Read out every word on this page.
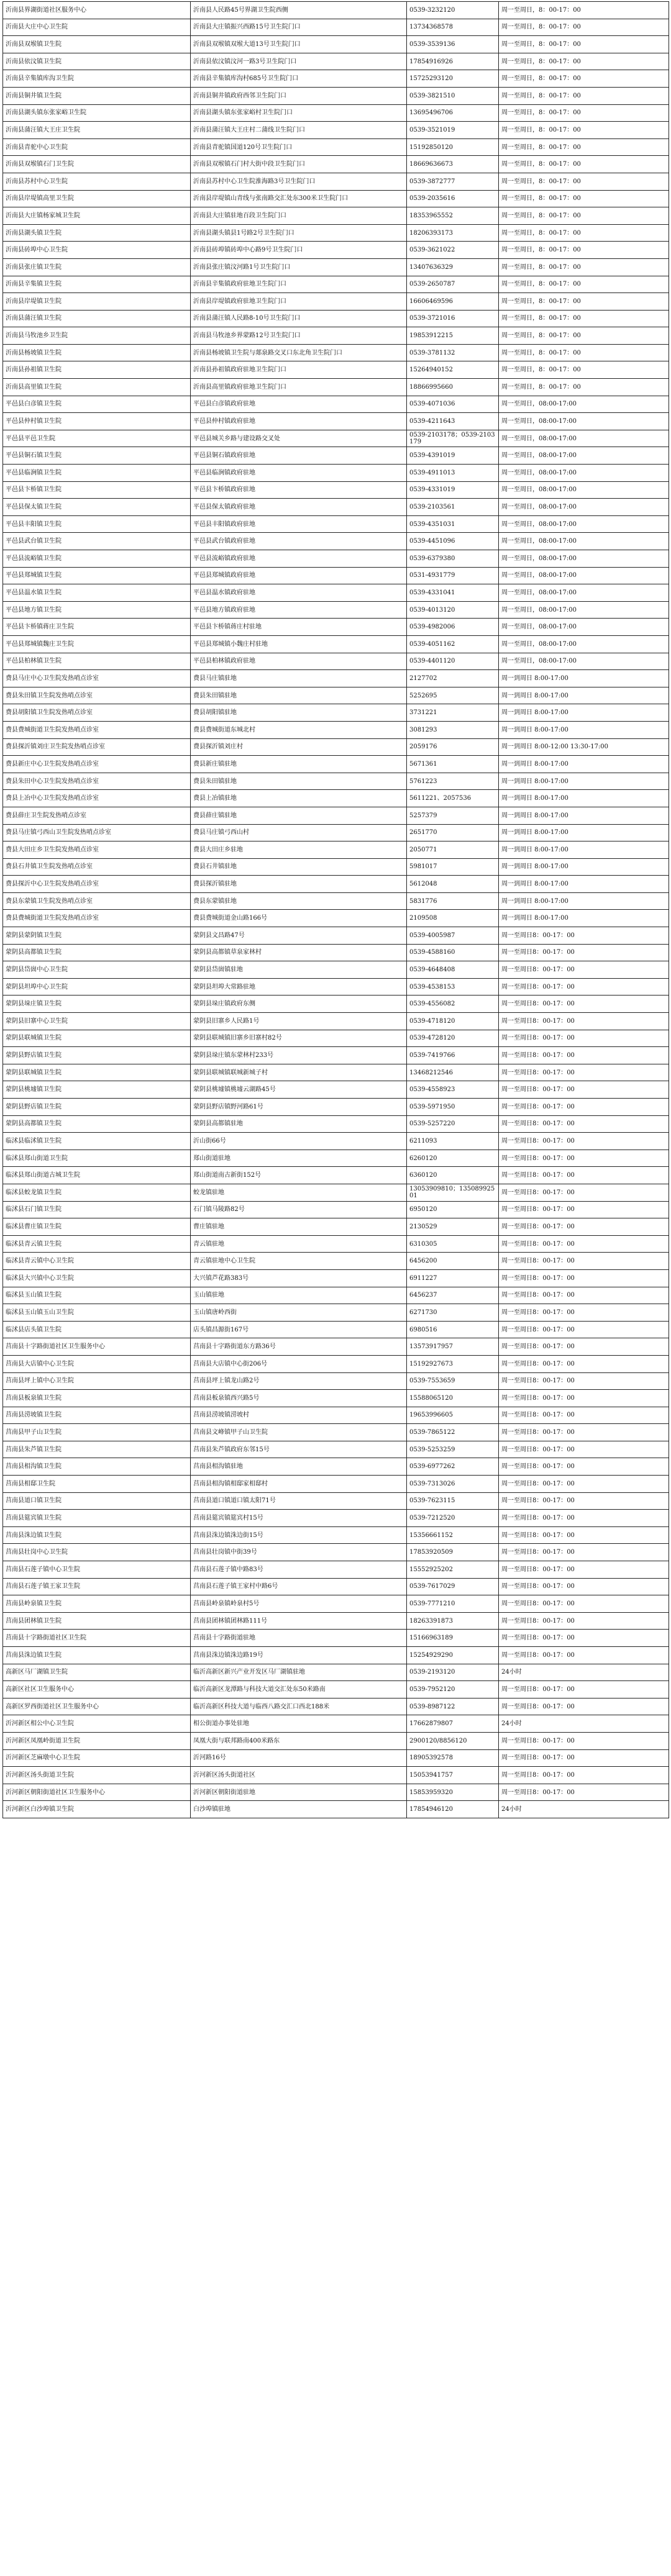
沂南县界湖街道社区服务中心	沂南县人民路45号界湖卫生院西侧	0539-3232120	周一至周日，8：00-17：00
沂南县大庄中心卫生院	沂南县大庄镇振兴西路15号卫生院门口	13734368578	周一至周日，8：00-17：00
沂南县双堠镇卫生院	沂南县双堠镇双堠大道13号卫生院门口	0539-3539136	周一至周日，8：00-17：00
沂南县依汶镇卫生院	沂南县依汶镇汶河一路3号卫生院门口	17854916926	周一至周日，8：00-17：00
沂南县辛集镇库沟卫生院	沂南县辛集镇库沟村685号卫生院门口	15725293120	周一至周日，8：00-17：00
沂南县铜井镇卫生院	沂南县铜井镇政府西邻卫生院门口	0539-3821510	周一至周日，8：00-17：00
沂南县湖头镇东张家峪卫生院	沂南县湖头镇东张家峪村卫生院门口	13695496706	周一至周日，8：00-17：00
沂南县蒲汪镇大王庄卫生院	沂南县蒲汪镇大王庄村二蒲线卫生院门口	0539-3521019	周一至周日，8：00-17：00
沂南县青驼中心卫生院	沂南县青驼镇国道120号卫生院门口	15192850120	周一至周日，8：00-17：00
沂南县双堠镇石门卫生院	沂南县双堠镇石门村大街中段卫生院门口	18669636673	周一至周日，8：00-17：00
沂南县苏村中心卫生院	沂南县苏村中心卫生院淮海路3号卫生院门口	0539-3872777	周一至周日，8：00-17：00
沂南县岸堤镇高里卫生院	沂南县岸堤镇山青线与张南路交汇处东300米卫生院门口	0539-2035616	周一至周日，8：00-17：00
沂南县大庄镇杨家城卫生院	沂南县大庄镇驻地百段卫生院门口	18353965552	周一至周日，8：00-17：00
沂南县湖头镇卫生院	沂南县湖头镇县1号路2号卫生院门口	18206393173	周一至周日，8：00-17：00
沂南县砖埠中心卫生院	沂南县砖埠镇砖埠中心路9号卫生院门口	0539-3621022	周一至周日，8：00-17：00
沂南县张庄镇卫生院	沂南县张庄镇汶河路1号卫生院门口	13407636329	周一至周日，8：00-17：00
沂南县辛集镇卫生院	沂南县辛集镇政府驻地卫生院门口	0539-2650787	周一至周日，8：00-17：00
沂南县岸堤镇卫生院	沂南县岸堤镇政府驻地卫生院门口	16606469596	周一至周日，8：00-17：00
沂南县蒲汪镇卫生院	沂南县蒲汪镇人民路8-10号卫生院门口	0539-3721016	周一至周日，8：00-17：00
沂南县马牧池乡卫生院	沂南县马牧池乡界蒙路12号卫生院门口	19853912215	周一至周日，8：00-17：00
沂南县杨坡镇卫生院	沂南县杨坡镇卫生院与郯泉路交叉口东北角卫生院门口	0539-3781132	周一至周日，8：00-17：00
沂南县孙祖镇卫生院	沂南县孙祖镇政府驻地卫生院门口	15264940152	周一至周日，8：00-17：00
沂南县高里镇卫生院	沂南县高里镇政府驻地卫生院门口	18866995660	周一至周日，8：00-17：00
平邑县白彦镇卫生院	平邑县白彦镇政府驻地	0539-4071036	周一至周日，08:00-17:00
平邑县仲村镇卫生院	平邑县仲村镇政府驻地	0539-4211643	周一至周日，08:00-17:00
平邑县平邑卫生院	平邑县城关乡路与建设路交叉处	0539-2103178；0539-2103179	周一至周日，08:00-17:00
平邑县铜石镇卫生院	平邑县铜石镇政府驻地	0539-4391019	周一至周日，08:00-17:00
平邑县临涧镇卫生院	平邑县临涧镇政府驻地	0539-4911013	周一至周日，08:00-17:00
平邑县卞桥镇卫生院	平邑县卞桥镇政府驻地	0539-4331019	周一至周日，08:00-17:00
平邑县保太镇卫生院	平邑县保太镇政府驻地	0539-2103561	周一至周日，08:00-17:00
平邑县丰阳镇卫生院	平邑县丰阳镇政府驻地	0539-4351031	周一至周日，08:00-17:00
平邑县武台镇卫生院	平邑县武台镇政府驻地	0539-4451096	周一至周日，08:00-17:00
平邑县流峪镇卫生院	平邑县流峪镇政府驻地	0539-6379380	周一至周日，08:00-17:00
平邑县郑城镇卫生院	平邑县郑城镇政府驻地	0531-4931779	周一至周日，08:00-17:00
平邑县温水镇卫生院	平邑县温水镇政府驻地	0539-4331041	周一至周日，08:00-17:00
平邑县地方镇卫生院	平邑县地方镇政府驻地	0539-4013120	周一至周日，08:00-17:00
平邑县卞桥镇蒋庄卫生院	平邑县卞桥镇蒋庄村驻地	0539-4982006	周一至周日，08:00-17:00
平邑县郑城镇魏庄卫生院	平邑县郑城镇小魏庄村驻地	0539-4051162	周一至周日，08:00-17:00
平邑县柏林镇卫生院	平邑县柏林镇政府驻地	0539-4401120	周一至周日，08:00-17:00
费县马庄中心卫生院发热哨点诊室	费县马庄镇驻地	2127702	周一到周日 8:00-17:00
费县朱田镇卫生院发热哨点诊室	费县朱田镇驻地	5252695	周一到周日 8:00-17:00
费县胡阳镇卫生院发热哨点诊室	费县胡阳镇驻地	3731221	周一到周日 8:00-17:00
费县费城街道卫生院发热哨点诊室	费县费城街道东城北村	3081293	周一到周日 8:00-17:00
费县探沂镇刘庄卫生院发热哨点诊室	费县探沂镇刘庄村	2059176	周一到周日 8:00-12:00 13:30-17:00
费县新庄中心卫生院发热哨点诊室	费县新庄镇驻地	5671361	周一到周日 8:00-17:00
费县朱田中心卫生院发热哨点诊室	费县朱田镇驻地	5761223	周一到周日 8:00-17:00
费县上冶中心卫生院发热哨点诊室	费县上冶镇驻地	5611221、2057536	周一到周日 8:00-17:00
费县薛庄卫生院发热哨点诊室	费县薛庄镇驻地	5257379	周一到周日 8:00-17:00
费县马庄镇弓西山卫生院发热哨点诊室	费县马庄镇弓西山村	2651770	周一到周日 8:00-17:00
费县大田庄乡卫生院发热哨点诊室	费县大田庄乡驻地	2050771	周一到周日 8:00-17:00
费县石井镇卫生院发热哨点诊室	费县石井镇驻地	5981017	周一到周日 8:00-17:00
费县探沂中心卫生院发热哨点诊室	费县探沂镇驻地	5612048	周一到周日 8:00-17:00
费县东蒙镇卫生院发热哨点诊室	费县东蒙镇驻地	5831776	周一到周日 8:00-17:00
费县费城街道卫生院发热哨点诊室	费县费城街道金山路166号	2109508	周一到周日 8:00-17:00
蒙阴县蒙阴镇卫生院	蒙阴县文昌路47号	0539-4005987	周一至周日8：00-17：00
蒙阴县高都镇卫生院	蒙阴县高都镇草泉家林村	0539-4588160	周一至周日8：00-17：00
蒙阴县岱崮中心卫生院	蒙阴县岱崮镇驻地	0539-4648408	周一至周日8：00-17：00
蒙阴县坦埠中心卫生院	蒙阴县坦埠大常路驻地	0539-4538153	周一至周日8：00-17：00
蒙阴县垛庄镇卫生院	蒙阴县垛庄镇政府东侧	0539-4556082	周一至周日8：00-17：00
蒙阴县旧寨中心卫生院	蒙阴县旧寨乡人民路1号	0539-4718120	周一至周日8：00-17：00
蒙阴县联城镇卫生院	蒙阴县联城镇旧寨乡旧寨村82号	0539-4728120	周一至周日8：00-17：00
蒙阴县野店镇卫生院	蒙阴县垛庄镇东蒙林村233号	0539-7419766	周一至周日8：00-17：00
蒙阴县联城镇卫生院	蒙阴县联城镇联城新城子村	13468212546	周一至周日8：00-17：00
蒙阴县桃墟镇卫生院	蒙阴县桃墟镇桃墟云湖路45号	0539-4558923	周一至周日8：00-17：00
蒙阴县野店镇卫生院	蒙阴县野店镇野河路61号	0539-5971950	周一至周日8：00-17：00
蒙阴县高都镇卫生院	蒙阴县高都镇驻地	0539-5257220	周一至周日8：00-17：00
临沭县临沭镇卫生院	沂山街66号	6211093	周一至周日8：00-17：00
临沭县郑山街道卫生院	郑山街道驻地	6260120	周一至周日8：00-17：00
临沭县郑山街道古城卫生院	郑山街道南古新街152号	6360120	周一至周日8：00-17：00
临沭县蛟龙镇卫生院	蛟龙镇驻地	13053909810；13508992501	周一至周日8：00-17：00
临沭县石门镇卫生院	石门镇马陵路82号	6950120	周一至周日8：00-17：00
临沭县曹庄镇卫生院	曹庄镇驻地	2130529	周一至周日8：00-17：00
临沭县青云镇卫生院	青云镇驻地	6310305	周一至周日8：00-17：00
临沭县青云镇中心卫生院	青云镇驻地中心卫生院	6456200	周一至周日8：00-17：00
临沭县大兴镇中心卫生院	大兴镇芦花路383号	6911227	周一至周日8：00-17：00
临沭县玉山镇卫生院	玉山镇驻地	6456237	周一至周日8：00-17：00
临沭县玉山镇玉山卫生院	玉山镇唐岭西街	6271730	周一至周日8：00-17：00
临沭县店头镇卫生院	店头镇昌源街167号	6980516	周一至周日8：00-17：00
莒南县十字路街道社区卫生服务中心	莒南县十字路街道东方路36号	13573917957	周一至周日8：00-17：00
莒南县大店镇中心卫生院	莒南县大店镇中心街206号	15192927673	周一至周日8：00-17：00
莒南县坪上镇中心卫生院	莒南县坪上镇龙山路2号	0539-7553659	周一至周日8：00-17：00
莒南县板泉镇卫生院	莒南县板泉镇西兴路5号	15588065120	周一至周日8：00-17：00
莒南县涝坡镇卫生院	莒南县涝坡镇涝坡村	19653996605	周一至周日8：00-17：00
莒南县甲子山卫生院	莒南县文峰镇甲子山卫生院	0539-7865122	周一至周日8：00-17：00
莒南县朱芦镇卫生院	莒南县朱芦镇政府东邻15号	0539-5253259	周一至周日8：00-17：00
莒南县相沟镇卫生院	莒南县相沟镇驻地	0539-6977262	周一至周日8：00-17：00
莒南县相邸卫生院	莒南县相沟镇相邸家相邸村	0539-7313026	周一至周日8：00-17：00
莒南县道口镇卫生院	莒南县道口镇道口镇太阳71号	0539-7623115	周一至周日8：00-17：00
莒南县筵宾镇卫生院	莒南县筵宾镇筵宾村15号	0539-7212520	周一至周日8：00-17：00
莒南县洙边镇卫生院	莒南县洙边镇洙边街15号	15356661152	周一至周日8：00-17：00
莒南县壮岗中心卫生院	莒南县壮岗镇中街39号	17853920509	周一至周日8：00-17：00
莒南县石莲子镇中心卫生院	莒南县石莲子镇中路83号	15552925202	周一至周日8：00-17：00
莒南县石莲子镇王家卫生院	莒南县石莲子镇王家村中路6号	0539-7617029	周一至周日8：00-17：00
莒南县岭泉镇卫生院	莒南县岭泉镇岭泉村5号	0539-7771210	周一至周日8：00-17：00
莒南县团林镇卫生院	莒南县团林镇团林路111号	18263391873	周一至周日8：00-17：00
莒南县十字路街道社区卫生院	莒南县十字路街道驻地	15166963189	周一至周日8：00-17：00
莒南县洙边镇卫生院	莒南县洙边镇洙边路19号	15254929290	周一至周日8：00-17：00
高新区马厂湖镇卫生院	临沂高新区新兴产业开发区马厂湖镇驻地	0539-2193120	24小时
高新区社区卫生服务中心	临沂高新区龙潭路与科技大道交汇处东50米路南	0539-7952120	周一至周日8：00-17：00
高新区罗西街道社区卫生服务中心	临沂高新区科技大道与临西八路交汇口西北188米	0539-8987122	周一至周日8：00-17：00
沂河新区相公中心卫生院	相公街道办事处驻地	17662879807	24小时
沂河新区凤凰岭街道卫生院	凤凰大街与联邦路南400米路东	2900120/8856120	周一至周日8：00-17：00
沂河新区芝麻墩中心卫生院	沂河路16号	18905392578	周一至周日8：00-17：00
沂河新区汤头街道卫生院	沂河新区汤头街道社区	15053941757	周一至周日8：00-17：00
沂河新区朝阳街道社区卫生服务中心	沂河新区朝阳街道驻地	15853959320	周一至周日8：00-17：00
沂河新区白沙埠镇卫生院	白沙埠镇驻地	17854946120	24小时
